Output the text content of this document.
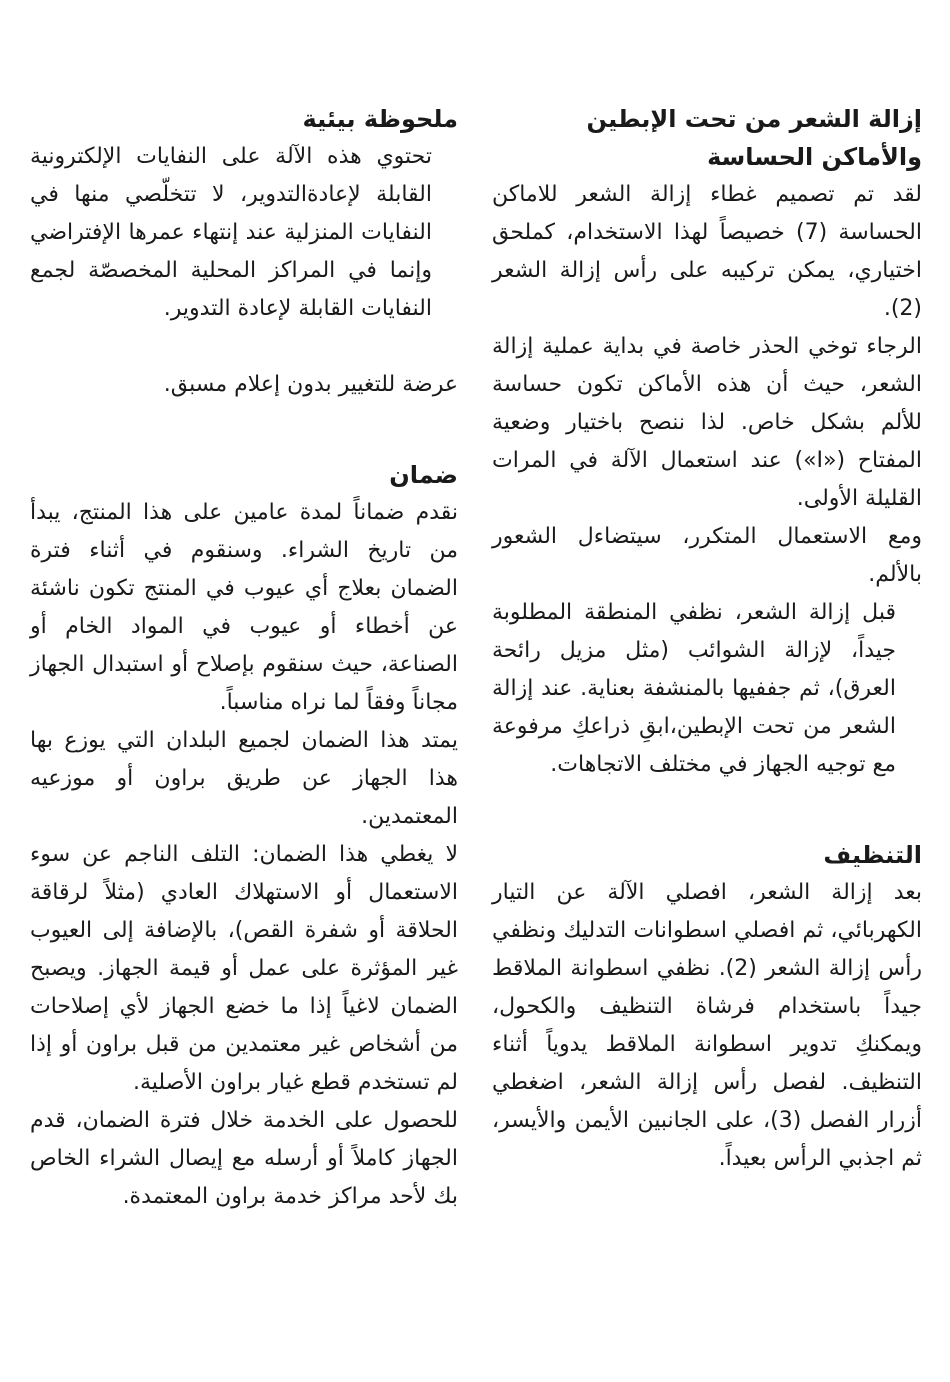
إزالة الشعر من تحت الإبطين والأماكن الحساسة

لقد تم تصميم غطاء إزالة الشعر للاماكن الحساسة (7) خصيصاً لهذا الاستخدام، كملحق اختياري، يمكن تركيبه على رأس إزالة الشعر (2).

الرجاء توخي الحذر خاصة في بداية عملية إزالة الشعر، حيث أن هذه الأماكن تكون حساسة للألم بشكل خاص. لذا ننصح باختيار وضعية المفتاح («I») عند استعمال الآلة في المرات القليلة الأولى.

ومع الاستعمال المتكرر، سيتضاءل الشعور بالألم.

قبل إزالة الشعر، نظفي المنطقة المطلوبة جيداً، لإزالة الشوائب (مثل مزيل رائحة العرق)، ثم جففيها بالمنشفة بعناية. عند إزالة الشعر من تحت الإبطين،ابقِ ذراعكِ مرفوعة مع توجيه الجهاز في مختلف الاتجاهات.

التنظيف

بعد إزالة الشعر، افصلي الآلة عن التيار الكهربائي، ثم افصلي اسطوانات التدليك ونظفي رأس إزالة الشعر (2). نظفي اسطوانة الملاقط جيداً باستخدام فرشاة التنظيف والكحول، ويمكنكِ تدوير اسطوانة الملاقط يدوياً أثناء التنظيف. لفصل رأس إزالة الشعر، اضغطي أزرار الفصل (3)، على الجانبين الأيمن والأيسر، ثم اجذبي الرأس بعيداً.

ملحوظة بيئية

تحتوي هذه الآلة على النفايات الإلكترونية القابلة لإعادةالتدوير، لا تتخلّصي منها في النفايات المنزلية عند إنتهاء عمرها الإفتراضي وإنما في المراكز المحلية المخصصّة لجمع النفايات القابلة لإعادة التدوير.

عرضة للتغيير بدون إعلام مسبق.

ضمان

نقدم ضماناً لمدة عامين على هذا المنتج، يبدأ من تاريخ الشراء. وسنقوم في أثناء فترة الضمان بعلاج أي عيوب في المنتج تكون ناشئة عن أخطاء أو عيوب في المواد الخام أو الصناعة، حيث سنقوم بإصلاح أو استبدال الجهاز مجاناً وفقاً لما نراه مناسباً.

يمتد هذا الضمان لجميع البلدان التي يوزع بها هذا الجهاز عن طريق براون أو موزعيه المعتمدين.

لا يغطي هذا الضمان: التلف الناجم عن سوء الاستعمال أو الاستهلاك العادي (مثلاً لرقاقة الحلاقة أو شفرة القص)، بالإضافة إلى العيوب غير المؤثرة على عمل أو قيمة الجهاز. ويصبح الضمان لاغياً إذا ما خضع الجهاز لأي إصلاحات من أشخاص غير معتمدين من قبل براون أو إذا لم تستخدم قطع غيار براون الأصلية.

للحصول على الخدمة خلال فترة الضمان، قدم الجهاز كاملاً أو أرسله مع إيصال الشراء الخاص بك لأحد مراكز خدمة براون المعتمدة.
